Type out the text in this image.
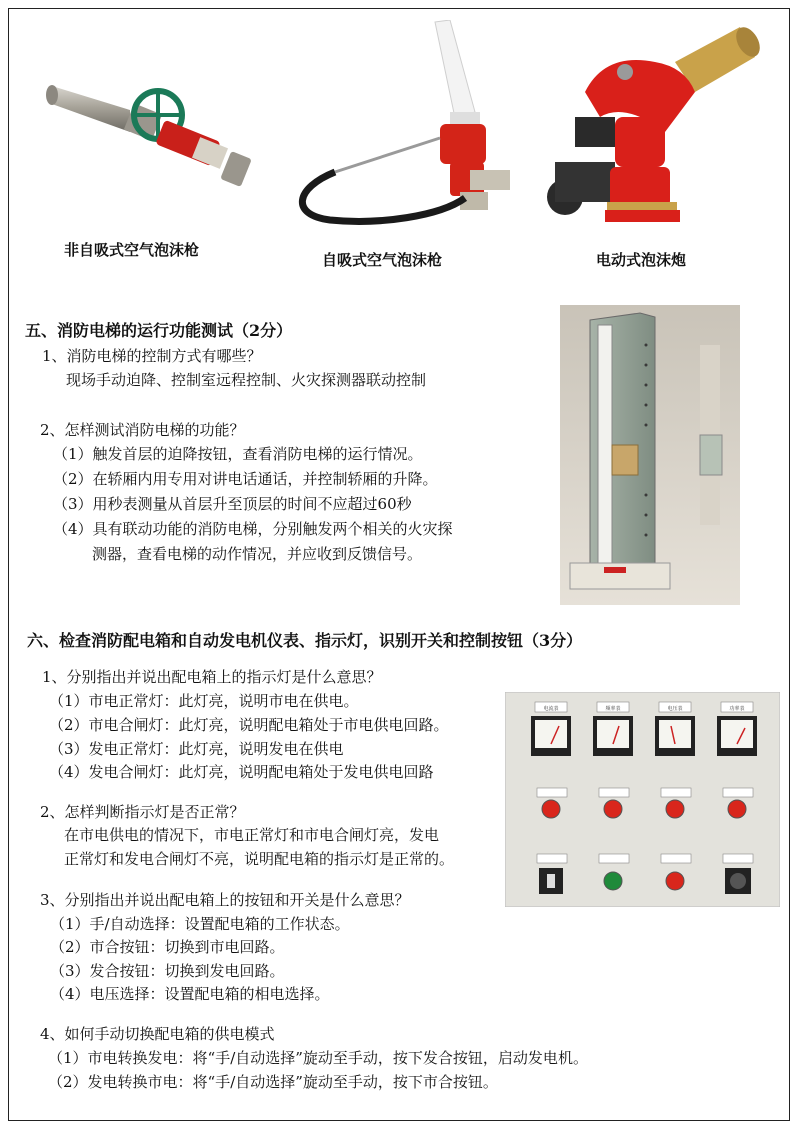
非自吸式空气泡沫枪
自吸式空气泡沫枪	电动式泡沫炮
五、消防电梯的运行功能测试（2分）
1、消防电梯的控制方式有哪些？
现场手动迫降、控制室远程控制、火灾探测器联动控制
2、怎样测试消防电梯的功能？
（1）触发首层的迫降按钮，查看消防电梯的运行情况。
（2）在轿厢内用专用对讲电话通话，并控制轿厢的升降。
（3）用秒表测量从首层升至顶层的时间不应超过60秒
（4）具有联动功能的消防电梯，分别触发两个相关的火灾探
测器，查看电梯的动作情况，并应收到反馈信号。
六、检查消防配电箱和自动发电机仪表、指示灯，识别开关和控制按钮（3分）
电流表	频率表	电压表	功率表
1、分别指出并说出配电箱上的指示灯是什么意思？
（1）市电正常灯：此灯亮，说明市电在供电。
（2）市电合闸灯：此灯亮，说明配电箱处于市电供电回路。
（3）发电正常灯：此灯亮，说明发电在供电
（4）发电合闸灯：此灯亮，说明配电箱处于发电供电回路
2、怎样判断指示灯是否正常？
在市电供电的情况下，市电正常灯和市电合闸灯亮，发电
正常灯和发电合闸灯不亮，说明配电箱的指示灯是正常的。
3、分别指出并说出配电箱上的按钮和开关是什么意思？
（1）手/自动选择：设置配电箱的工作状态。
（2）市合按钮：切换到市电回路。
（3）发合按钮：切换到发电回路。
（4）电压选择：设置配电箱的相电选择。
4、如何手动切换配电箱的供电模式
（1）市电转换发电：将“手/自动选择”旋动至手动，按下发合按钮，启动发电机。
（2）发电转换市电：将“手/自动选择”旋动至手动，按下市合按钮。
